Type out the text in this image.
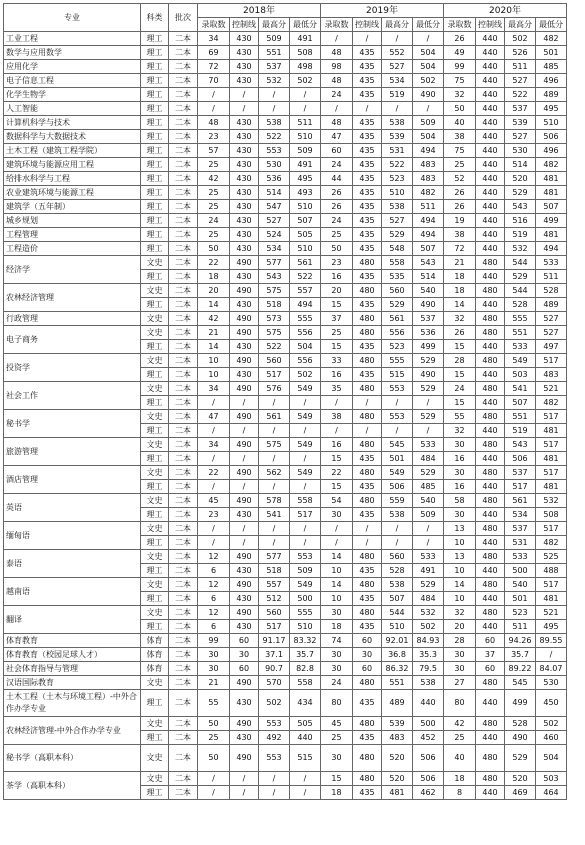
专业	科类	批次	2018年				2019年				2020年			
			录取数	控制线	最高分	最低分	录取数	控制线	最高分	最低分	录取数	控制线	最高分	最低分
工业工程	理工	二本	34	430	509	491	/	/	/	/	26	440	502	482
数学与应用数学	理工	二本	69	430	551	508	48	435	552	504	49	440	526	501
应用化学	理工	二本	72	430	537	498	98	435	527	504	99	440	511	485
电子信息工程	理工	二本	70	430	532	502	48	435	534	502	75	440	527	496
化学生物学	理工	二本	/	/	/	/	24	435	519	490	32	440	522	489
人工智能	理工	二本	/	/	/	/	/	/	/	/	50	440	537	495
计算机科学与技术	理工	二本	48	430	538	511	48	435	538	509	40	440	539	510
数据科学与大数据技术	理工	二本	23	430	522	510	47	435	539	504	38	440	527	506
土木工程（建筑工程学院）	理工	二本	57	430	553	509	60	435	531	494	75	440	530	496
建筑环境与能源应用工程	理工	二本	25	430	530	491	24	435	522	483	25	440	514	482
给排水科学与工程	理工	二本	42	430	536	495	44	435	523	483	52	440	520	481
农业建筑环境与能源工程	理工	二本	25	430	514	493	26	435	510	482	26	440	529	481
建筑学（五年制）	理工	二本	25	430	547	510	26	435	538	511	26	440	543	507
城乡规划	理工	二本	24	430	527	507	24	435	527	494	19	440	516	499
工程管理	理工	二本	25	430	524	505	25	435	529	494	38	440	519	481
工程造价	理工	二本	50	430	534	510	50	435	548	507	72	440	532	494
经济学	文史	二本	22	490	577	561	23	480	558	543	21	480	544	533
	理工	二本	18	430	543	522	16	435	535	514	18	440	529	511
农林经济管理	文史	二本	20	490	575	557	20	480	560	540	18	480	544	528
	理工	二本	14	430	518	494	15	435	529	490	14	440	528	489
行政管理	文史	二本	42	490	573	555	37	480	561	537	32	480	555	527
电子商务	文史	二本	21	490	575	556	25	480	556	536	26	480	551	527
	理工	二本	14	430	522	504	15	435	523	499	15	440	533	497
投资学	文史	二本	10	490	560	556	33	480	555	529	28	480	549	517
	理工	二本	10	430	517	502	16	435	515	490	15	440	503	483
社会工作	文史	二本	34	490	576	549	35	480	553	529	24	480	541	521
	理工	二本	/	/	/	/	/	/	/	/	15	440	507	482
秘书学	文史	二本	47	490	561	549	38	480	553	529	55	480	551	517
	理工	二本	/	/	/	/	/	/	/	/	32	440	519	481
旅游管理	文史	二本	34	490	575	549	16	480	545	533	30	480	543	517
	理工	二本	/	/	/	/	15	435	501	484	16	440	506	481
酒店管理	文史	二本	22	490	562	549	22	480	549	529	30	480	537	517
	理工	二本	/	/	/	/	15	435	506	485	16	440	517	481
英语	文史	二本	45	490	578	558	54	480	559	540	58	480	561	532
	理工	二本	23	430	541	517	30	435	538	509	30	440	534	508
缅甸语	文史	二本	/	/	/	/	/	/	/	/	13	480	537	517
	理工	二本	/	/	/	/	/	/	/	/	10	440	531	482
泰语	文史	二本	12	490	577	553	14	480	560	533	13	480	533	525
	理工	二本	6	430	518	509	10	435	528	491	10	440	500	488
越南语	文史	二本	12	490	557	549	14	480	538	529	14	480	540	517
	理工	二本	6	430	512	500	10	435	507	484	10	440	501	481
翻译	文史	二本	12	490	560	555	30	480	544	532	32	480	523	521
	理工	二本	6	430	517	510	18	435	510	502	20	440	511	495
体育教育	体育	二本	99	60	91.17	83.32	74	60	92.01	84.93	28	60	94.26	89.55
体育教育（校园足球人才）	体育	二本	30	30	37.1	35.7	30	30	36.8	35.3	30	37	35.7	/
社会体育指导与管理	体育	二本	30	60	90.7	82.8	30	60	86.32	79.5	30	60	89.22	84.07
汉语国际教育	文史	二本	21	490	570	558	24	480	551	538	27	480	545	530
土木工程（土木与环境工程）-中外合作办学专业	理工	二本	55	430	502	434	80	435	489	440	80	440	499	450
农林经济管理-中外合作办学专业	文史	二本	50	490	553	505	45	480	539	500	42	480	528	502
	理工	二本	25	430	492	440	25	435	483	452	25	440	490	460
秘书学（高职本科）	文史	二本	50	490	553	515	30	480	520	506	40	480	529	504
茶学（高职本科）	文史	二本	/	/	/	/	15	480	520	506	18	480	520	503
	理工	二本	/	/	/	/	18	435	481	462	8	440	469	464
